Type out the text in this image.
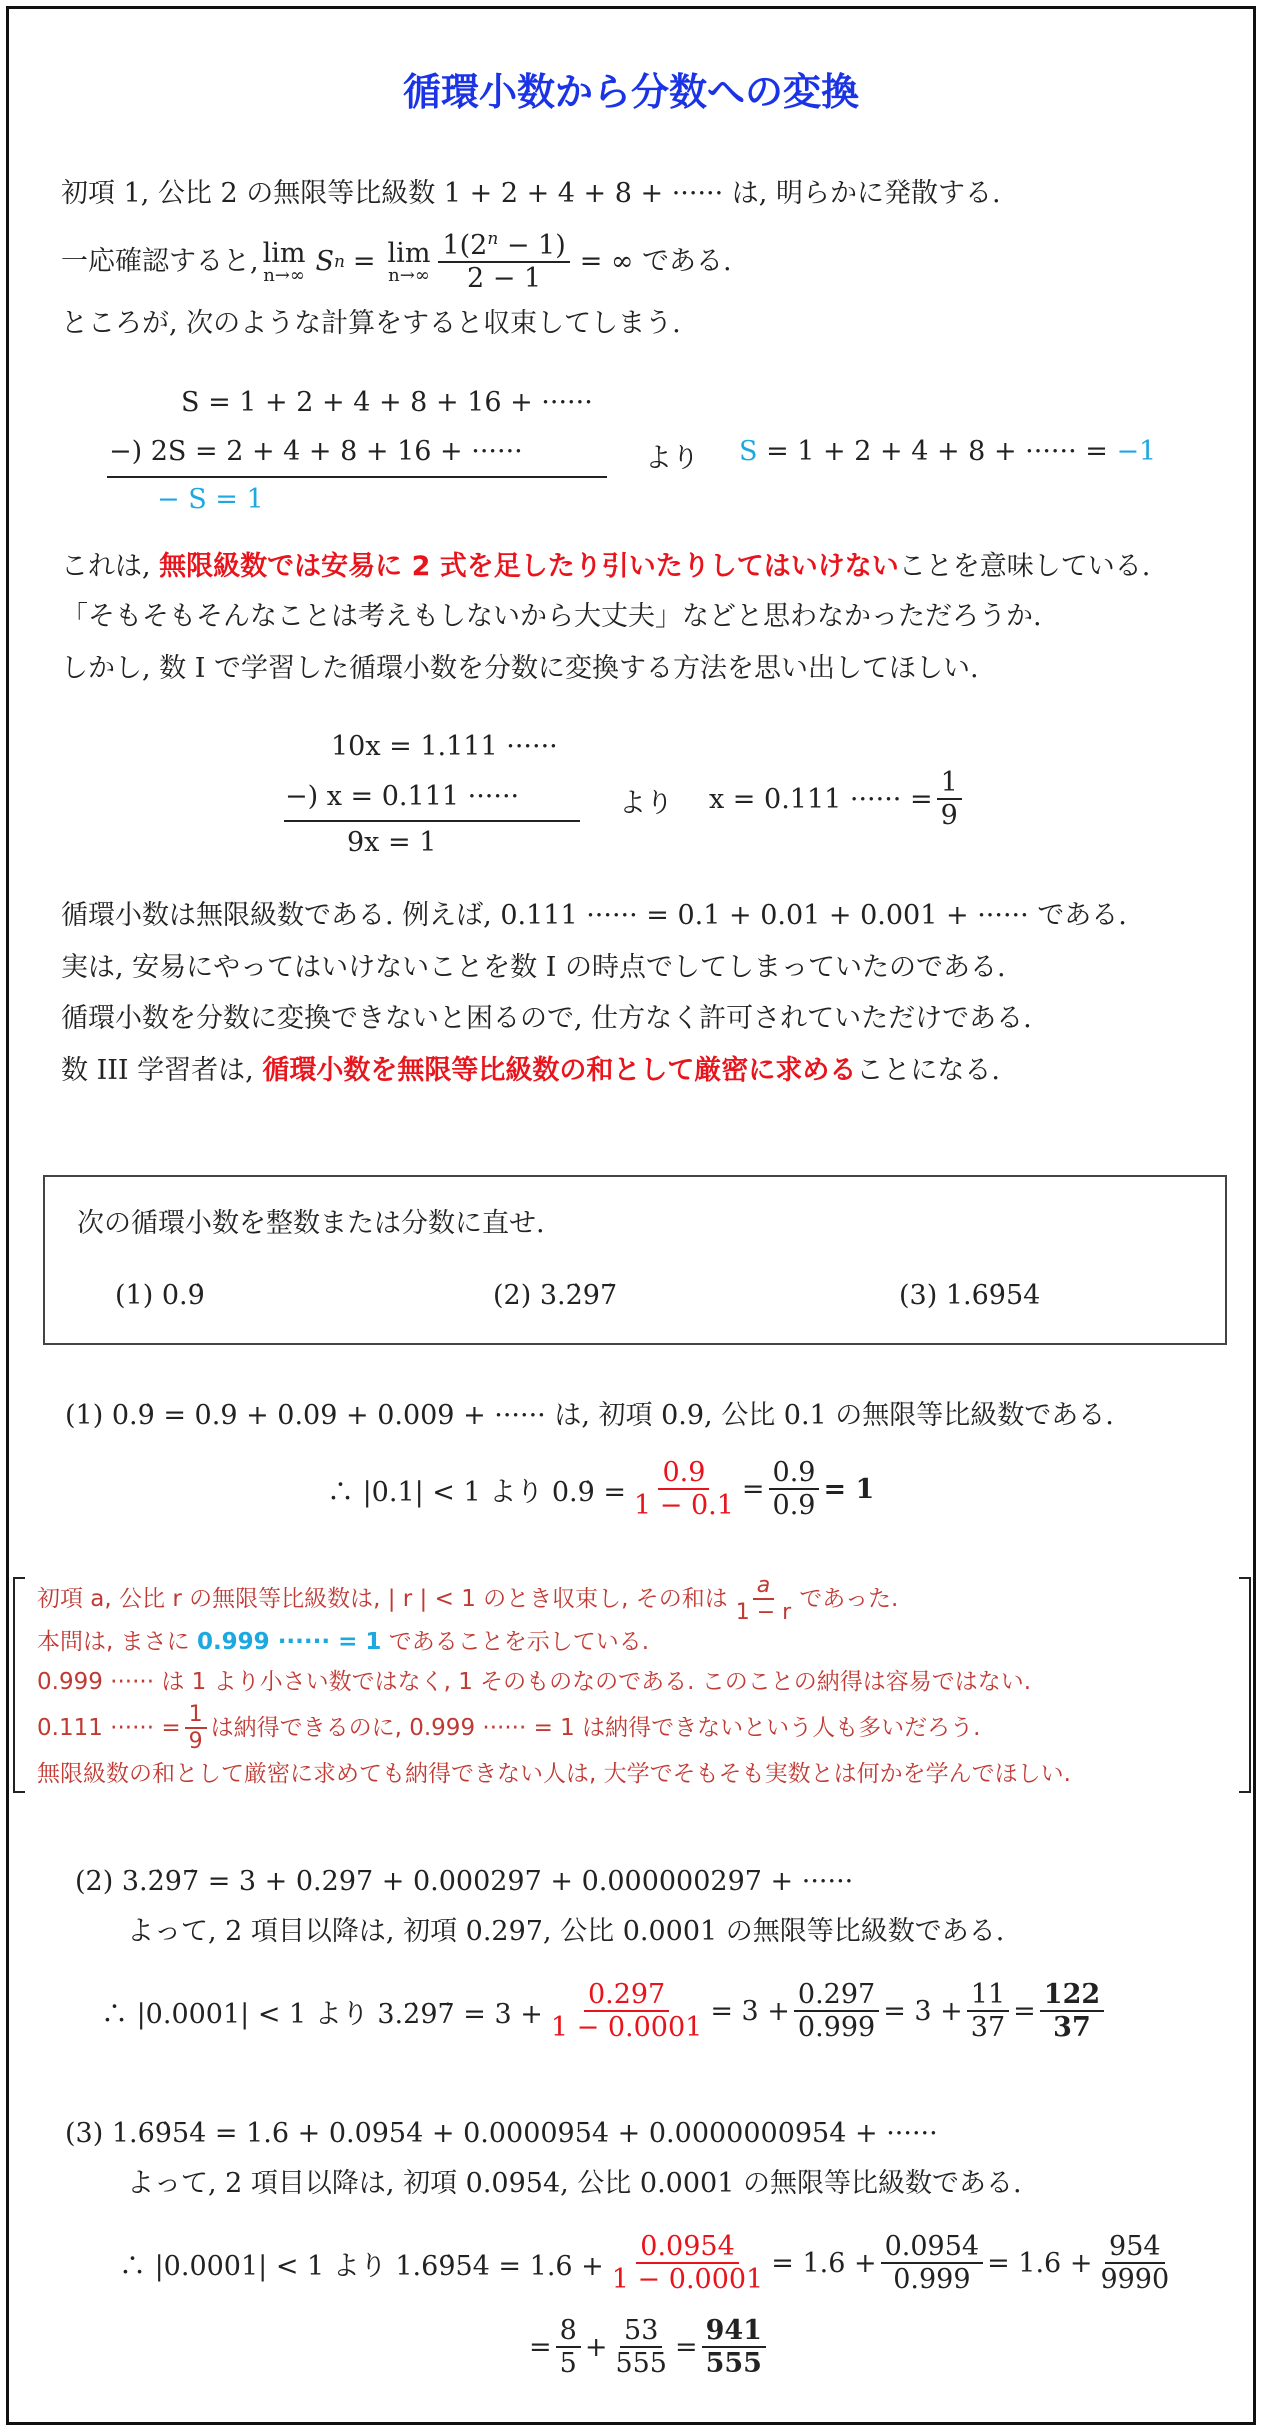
循環小数から分数への変換
初項 1, 公比 2 の無限等比級数 1 + 2 + 4 + 8 + ······ は, 明らかに発散する.
一応確認すると, lim
n→∞ S n = lim
$n\to\infty \frac{1(2^n - 1)}{2 - 1}$ = ∞ である.
ところが, 次のような計算をすると収束してしまう.
S = 1 + 2 + 4 + 8 + 16 + ······
−) 2S = 2 + 4 + 8 + 16 + ······
− S = 1
より S = 1 + 2 + 4 + 8 + ······ = −1
これは, 無限級数では安易に 2 式を足したり引いたりしてはいけないことを意味している.
「そもそもそんなことは考えもしないから大丈夫」などと思わなかっただろうか.
しかし, 数 I で学習した循環小数を分数に変換する方法を思い出してほしい.
10x = 1.111 ······
−) x = 0.111 ······
9x = 1
より x = 0.111 ······ = $\frac{1}{9}$
循環小数は無限級数である. 例えば, 0.111 ······ = 0.1 + 0.01 + 0.001 + ······ である.
実は, 安易にやってはいけないことを数 I の時点でしてしまっていたのである.
循環小数を分数に変換できないと困るので, 仕方なく許可されていただけである.
数 III 学習者は, 循環小数を無限等比級数の和として厳密に求めることになる.
次の循環小数を整数または分数に直せ.
(1) 0.9̇	(2) 3.2̇97̇	(3) 1.69̇54̇
(1) 0.9̇ = 0.9 + 0.09 + 0.009 + ······ は, 初項 0.9, 公比 0.1 の無限等比級数である.
∴ |0.1| < 1 より 0.9̇ = $\frac{0.9}{1 - 0.1} = \frac{0.9}{0.9} = 1$
初項 a, 公比 r の無限等比級数は, | r | < 1 のとき収束し, その和は $\frac{a}{1 - r}$ であった.
本問は, まさに 0.999 ······ = 1 であることを示している.
0.999 ······ は 1 より小さい数ではなく, 1 そのものなのである. このことの納得は容易ではない.
0.111 ······ = $\frac{1}{9}$ は納得できるのに, 0.999 ······ = 1 は納得できないという人も多いだろう.
無限級数の和として厳密に求めても納得できない人は, 大学でそもそも実数とは何かを学んでほしい.
(2) 3.2̇97̇ = 3 + 0.297 + 0.000297 + 0.000000297 + ······
よって, 2 項目以降は, 初項 0.297, 公比 0.0001 の無限等比級数である.
∴ |0.0001| < 1 より 3.2̇97̇ = $3 + \frac{0.297}{1 - 0.0001} = 3 + \frac{0.297}{0.999} = 3 + \frac{11}{37} = \frac{122}{37}$
(3) 1.69̇54̇ = 1.6 + 0.0954 + 0.0000954 + 0.0000000954 + ······
よって, 2 項目以降は, 初項 0.0954, 公比 0.0001 の無限等比級数である.
∴ |0.0001| < 1 より 1.69̇54̇ = $1.6 + \frac{0.0954}{1 - 0.0001} = 1.6 + \frac{0.0954}{0.999} = 1.6 + \frac{954}{9990}$
= $\frac{8}{5} + \frac{53}{555} = \frac{941}{555}$
